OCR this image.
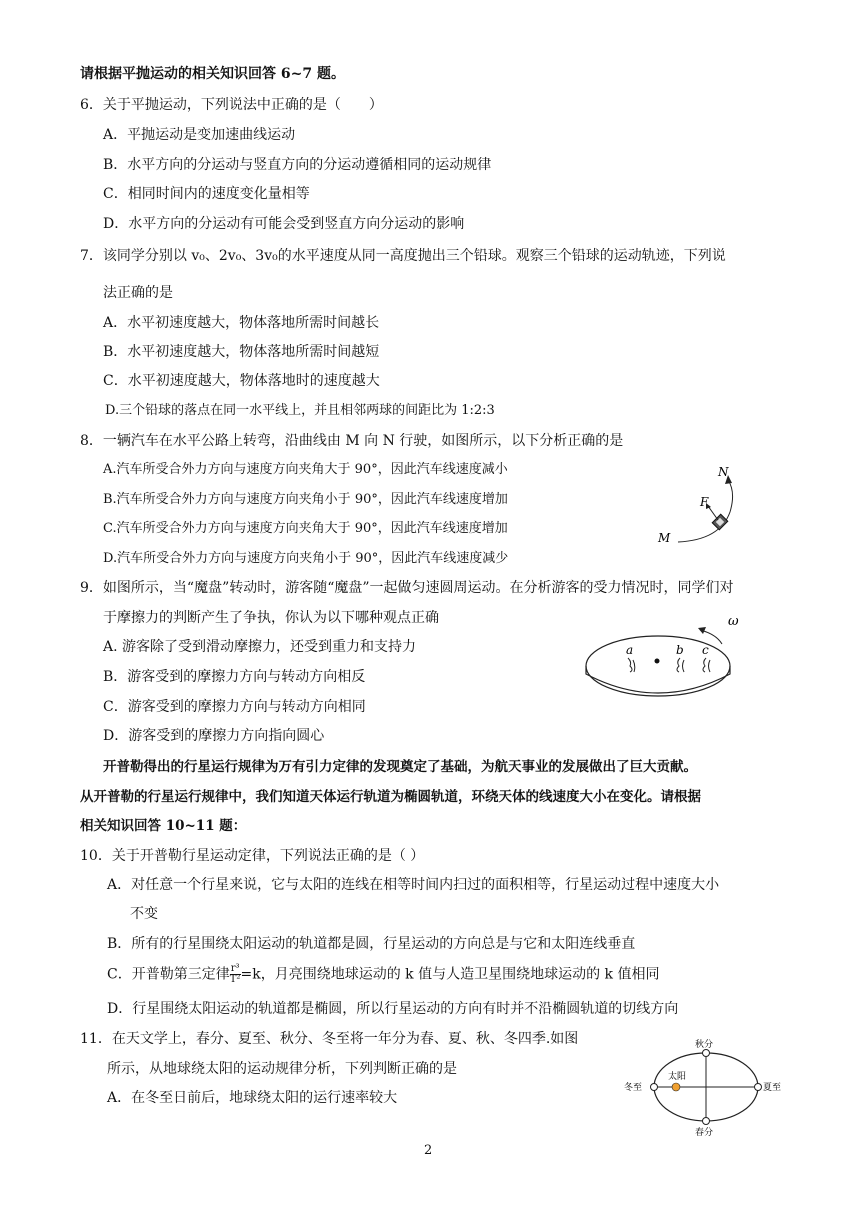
请根据平抛运动的相关知识回答 6~7 题。
6．关于平抛运动，下列说法中正确的是（　　）
A．平抛运动是变加速曲线运动
B．水平方向的分运动与竖直方向的分运动遵循相同的运动规律
C．相同时间内的速度变化量相等
D．水平方向的分运动有可能会受到竖直方向分运动的影响
7．该同学分别以 v₀、2v₀、3v₀的水平速度从同一高度抛出三个铅球。观察三个铅球的运动轨迹，下列说
法正确的是
A．水平初速度越大，物体落地所需时间越长
B．水平初速度越大，物体落地所需时间越短
C．水平初速度越大，物体落地时的速度越大
D.三个铅球的落点在同一水平线上，并且相邻两球的间距比为 1:2:3
8．一辆汽车在水平公路上转弯，沿曲线由 M 向 N 行驶，如图所示，以下分析正确的是
A.汽车所受合外力方向与速度方向夹角大于 90°，因此汽车线速度减小
B.汽车所受合外力方向与速度方向夹角小于 90°，因此汽车线速度增加
C.汽车所受合外力方向与速度方向夹角大于 90°，因此汽车线速度增加
D.汽车所受合外力方向与速度方向夹角小于 90°，因此汽车线速度减少
N
F
M
9．如图所示，当“魔盘”转动时，游客随“魔盘”一起做匀速圆周运动。在分析游客的受力情况时，同学们对
于摩擦力的判断产生了争执，你认为以下哪种观点正确
A. 游客除了受到滑动摩擦力，还受到重力和支持力
B．游客受到的摩擦力方向与转动方向相反
C．游客受到的摩擦力方向与转动方向相同
D．游客受到的摩擦力方向指向圆心
ω
a	b c
开普勒得出的行星运行规律为万有引力定律的发现奠定了基础，为航天事业的发展做出了巨大贡献。
从开普勒的行星运行规律中，我们知道天体运行轨道为椭圆轨道，环绕天体的线速度大小在变化。请根据
相关知识回答 10~11 题：
10．关于开普勒行星运动定律，下列说法正确的是（ ）
A．对任意一个行星来说，它与太阳的连线在相等时间内扫过的面积相等，行星运动过程中速度大小
不变
B．所有的行星围绕太阳运动的轨道都是圆，行星运动的方向总是与它和太阳连线垂直
C．开普勒第三定律 $\frac{\text{r³}}{\text{T²}} =k$，月亮围绕地球运动的 k 值与人造卫星围绕地球运动的 k 值相同
D．行星围绕太阳运动的轨道都是椭圆，所以行星运动的方向有时并不沿椭圆轨道的切线方向
11．在天文学上，春分、夏至、秋分、冬至将一年分为春、夏、秋、冬四季.如图
所示，从地球绕太阳的运动规律分析，下列判断正确的是
A．在冬至日前后，地球绕太阳的运行速率较大
秋分
冬至
太阳
夏至
春分
2
